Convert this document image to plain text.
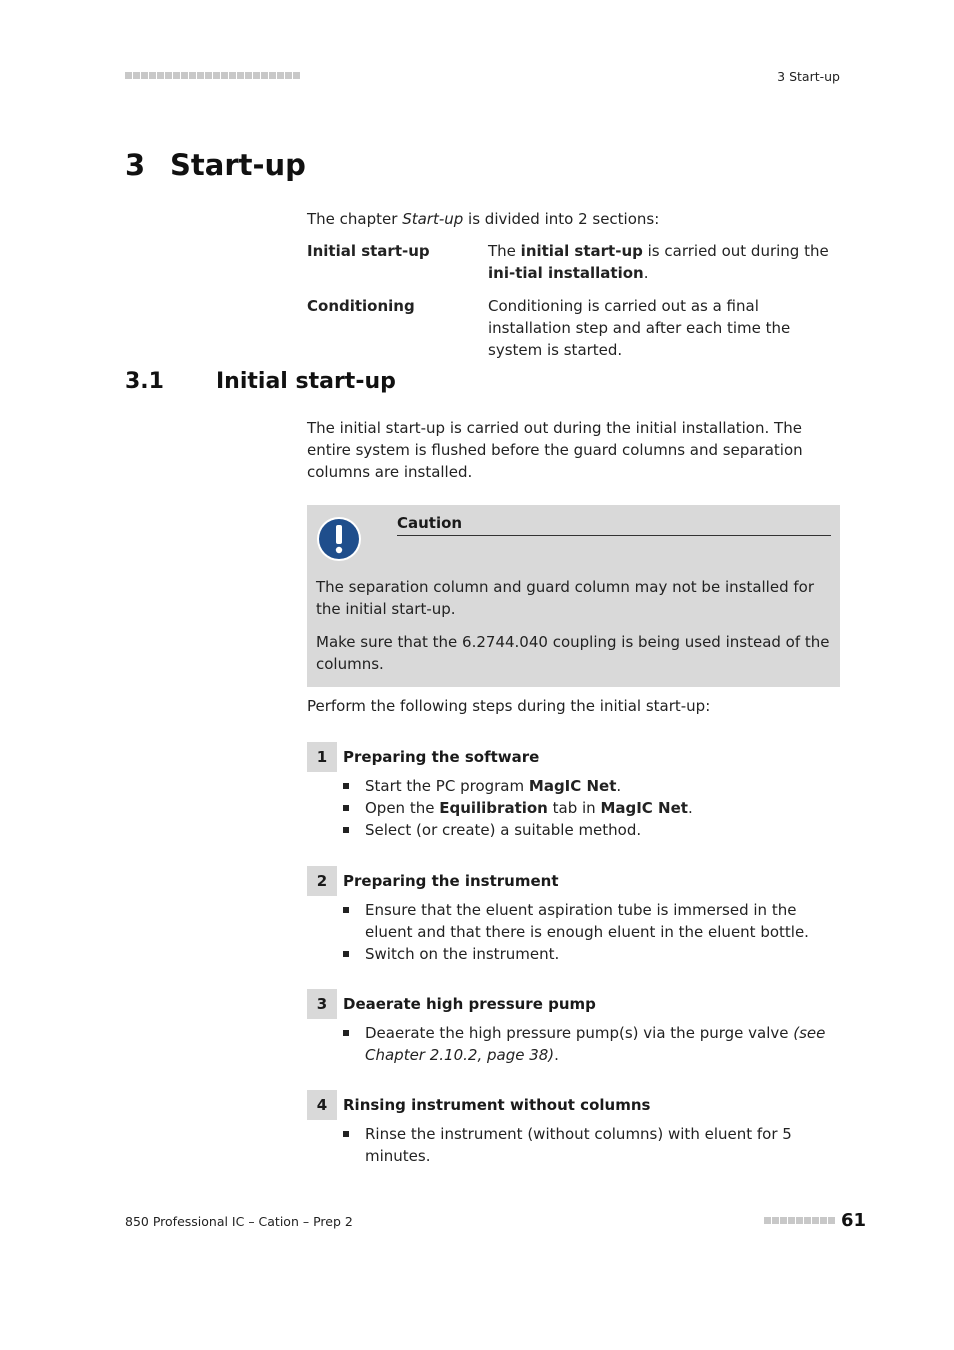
3 Start-up
3 Start-up
The chapter Start-up is divided into 2 sections:
Initial start-up	The initial start-up is carried out during the ini-tial installation.
Conditioning	Conditioning is carried out as a final installation step and after each time the system is started.
3.1 Initial start-up
The initial start-up is carried out during the initial installation. The entire system is flushed before the guard columns and separation columns are installed.
Caution
The separation column and guard column may not be installed for the initial start-up.
Make sure that the 6.2744.040 coupling is being used instead of the columns.
Perform the following steps during the initial start-up:
1	Preparing the software
Start the PC program MagIC Net.
Open the Equilibration tab in MagIC Net.
Select (or create) a suitable method.
2	Preparing the instrument
Ensure that the eluent aspiration tube is immersed in the eluent and that there is enough eluent in the eluent bottle.
Switch on the instrument.
3	Deaerate high pressure pump
Deaerate the high pressure pump(s) via the purge valve (see Chapter 2.10.2, page 38).
4	Rinsing instrument without columns
Rinse the instrument (without columns) with eluent for 5 minutes.
850 Professional IC – Cation – Prep 2	61
